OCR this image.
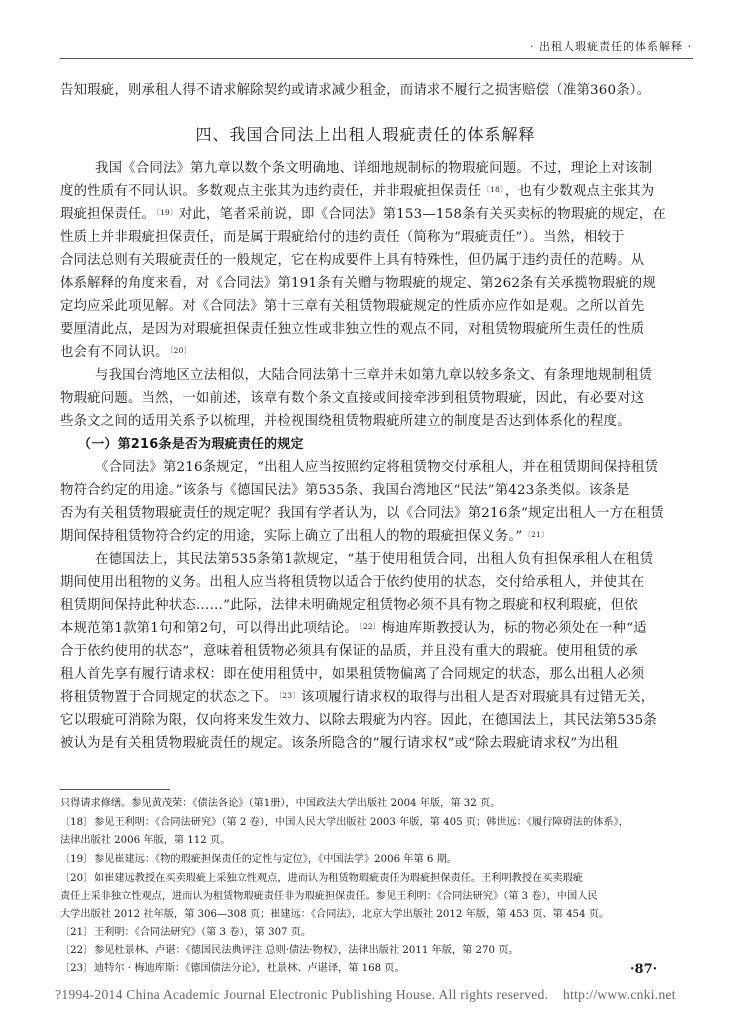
· 出租人瑕疵责任的体系解释 ·
告知瑕疵，则承租人得不请求解除契约或请求减少租金，而请求不履行之损害赔偿（准第360条）。
四、我国合同法上出租人瑕疵责任的体系解释
我国《合同法》第九章以数个条文明确地、详细地规制标的物瑕疵问题。不过，理论上对该制
度的性质有不同认识。多数观点主张其为违约责任，并非瑕疵担保责任$^{〔18〕}$，也有少数观点主张其为
瑕疵担保责任。$^{〔19〕}$对此，笔者采前说，即《合同法》第153—158条有关买卖标的物瑕疵的规定，在
性质上并非瑕疵担保责任，而是属于瑕疵给付的违约责任（简称为“瑕疵责任”）。当然，相较于
合同法总则有关瑕疵责任的一般规定，它在构成要件上具有特殊性，但仍属于违约责任的范畴。从
体系解释的角度来看，对《合同法》第191条有关赠与物瑕疵的规定、第262条有关承揽物瑕疵的规
定均应采此项见解。对《合同法》第十三章有关租赁物瑕疵规定的性质亦应作如是观。之所以首先
要厘清此点，是因为对瑕疵担保责任独立性或非独立性的观点不同，对租赁物瑕疵所生责任的性质
也会有不同认识。$^{〔20〕}$
与我国台湾地区立法相似，大陆合同法第十三章并未如第九章以较多条文、有条理地规制租赁
物瑕疵问题。当然，一如前述，该章有数个条文直接或间接牵涉到租赁物瑕疵，因此，有必要对这
些条文之间的适用关系予以梳理，并检视围绕租赁物瑕疵所建立的制度是否达到体系化的程度。
（一）第216条是否为瑕疵责任的规定
《合同法》第216条规定，“出租人应当按照约定将租赁物交付承租人，并在租赁期间保持租赁
物符合约定的用途。”该条与《德国民法》第535条、我国台湾地区“民法”第423条类似。该条是
否为有关租赁物瑕疵责任的规定呢？我国有学者认为，以《合同法》第216条“规定出租人一方在租赁
期间保持租赁物符合约定的用途，实际上确立了出租人的物的瑕疵担保义务。”$^{〔21〕}$
在德国法上，其民法第535条第1款规定，“基于使用租赁合同，出租人负有担保承租人在租赁
期间使用出租物的义务。出租人应当将租赁物以适合于依约使用的状态，交付给承租人，并使其在
租赁期间保持此种状态……”此际，法律未明确规定租赁物必须不具有物之瑕疵和权利瑕疵，但依
本规范第1款第1句和第2句，可以得出此项结论。$^{〔22〕}$梅迪库斯教授认为，标的物必须处在一种“适
合于依约使用的状态”，意味着租赁物必须具有保证的品质，并且没有重大的瑕疵。使用租赁的承
租人首先享有履行请求权：即在使用租赁中，如果租赁物偏离了合同规定的状态，那么出租人必须
将租赁物置于合同规定的状态之下。$^{〔23〕}$该项履行请求权的取得与出租人是否对瑕疵具有过错无关，
它以瑕疵可消除为限，仅向将来发生效力、以除去瑕疵为内容。因此，在德国法上，其民法第535条
被认为是有关租赁物瑕疵责任的规定。该条所隐含的“履行请求权”或“除去瑕疵请求权”为出租
只得请求修缮。参见黄茂荣：《债法各论》（第1册），中国政法大学出版社 2004 年版，第 32 页。
〔18〕参见王利明：《合同法研究》（第 2 卷），中国人民大学出版社 2003 年版，第 405 页；韩世远：《履行障碍法的体系》，
法律出版社 2006 年版，第 112 页。
〔19〕参见崔建远：《物的瑕疵担保责任的定性与定位》，《中国法学》2006 年第 6 期。
〔20〕如崔建远教授在买卖瑕疵上采独立性观点，进而认为租赁物瑕疵责任为瑕疵担保责任。王利明教授在买卖瑕疵
责任上采非独立性观点，进而认为租赁物瑕疵责任非为瑕疵担保责任。参见王利明：《合同法研究》（第 3 卷），中国人民
大学出版社 2012 社年版，第 306—308 页；崔建远：《合同法》，北京大学出版社 2012 年版，第 453 页、第 454 页。
〔21〕王利明：《合同法研究》（第 3 卷），第 307 页。
〔22〕参见杜景林、卢谌：《德国民法典评注 总则·债法·物权》，法律出版社 2011 年版，第 270 页。
〔23〕迪特尔 · 梅迪库斯：《德国债法分论》，杜景林、卢谌译，第 168 页。	·87·
?1994-2014 China Academic Journal Electronic Publishing House. All rights reserved.    http://www.cnki.net
